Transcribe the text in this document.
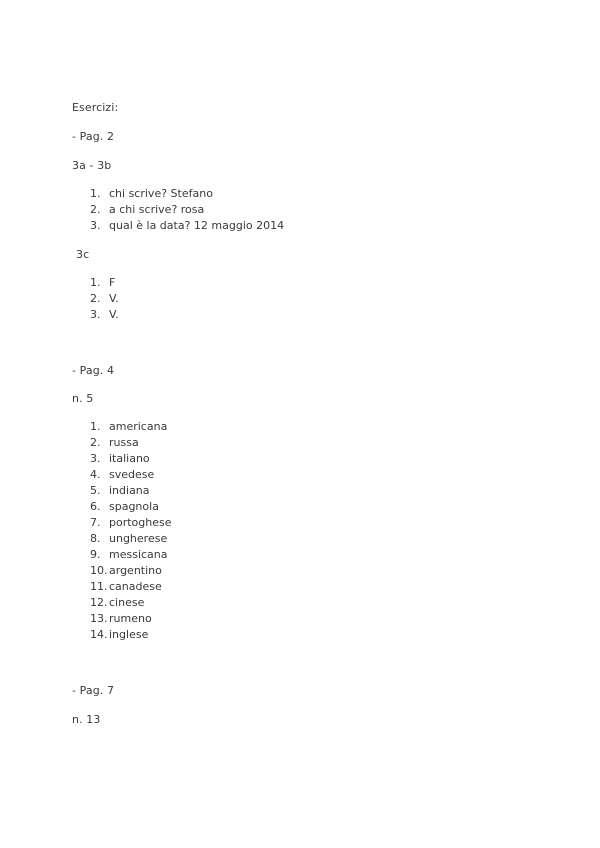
Esercizi:
- Pag. 2
3a - 3b
1. chi scrive? Stefano
2. a chi scrive? rosa
3. qual è la data? 12 maggio 2014
3c
1. F
2. V.
3. V.
- Pag. 4
n. 5
1. americana
2. russa
3. italiano
4. svedese
5. indiana
6. spagnola
7. portoghese
8. ungherese
9. messicana
10. argentino
11. canadese
12. cinese
13. rumeno
14. inglese
- Pag. 7
n. 13
